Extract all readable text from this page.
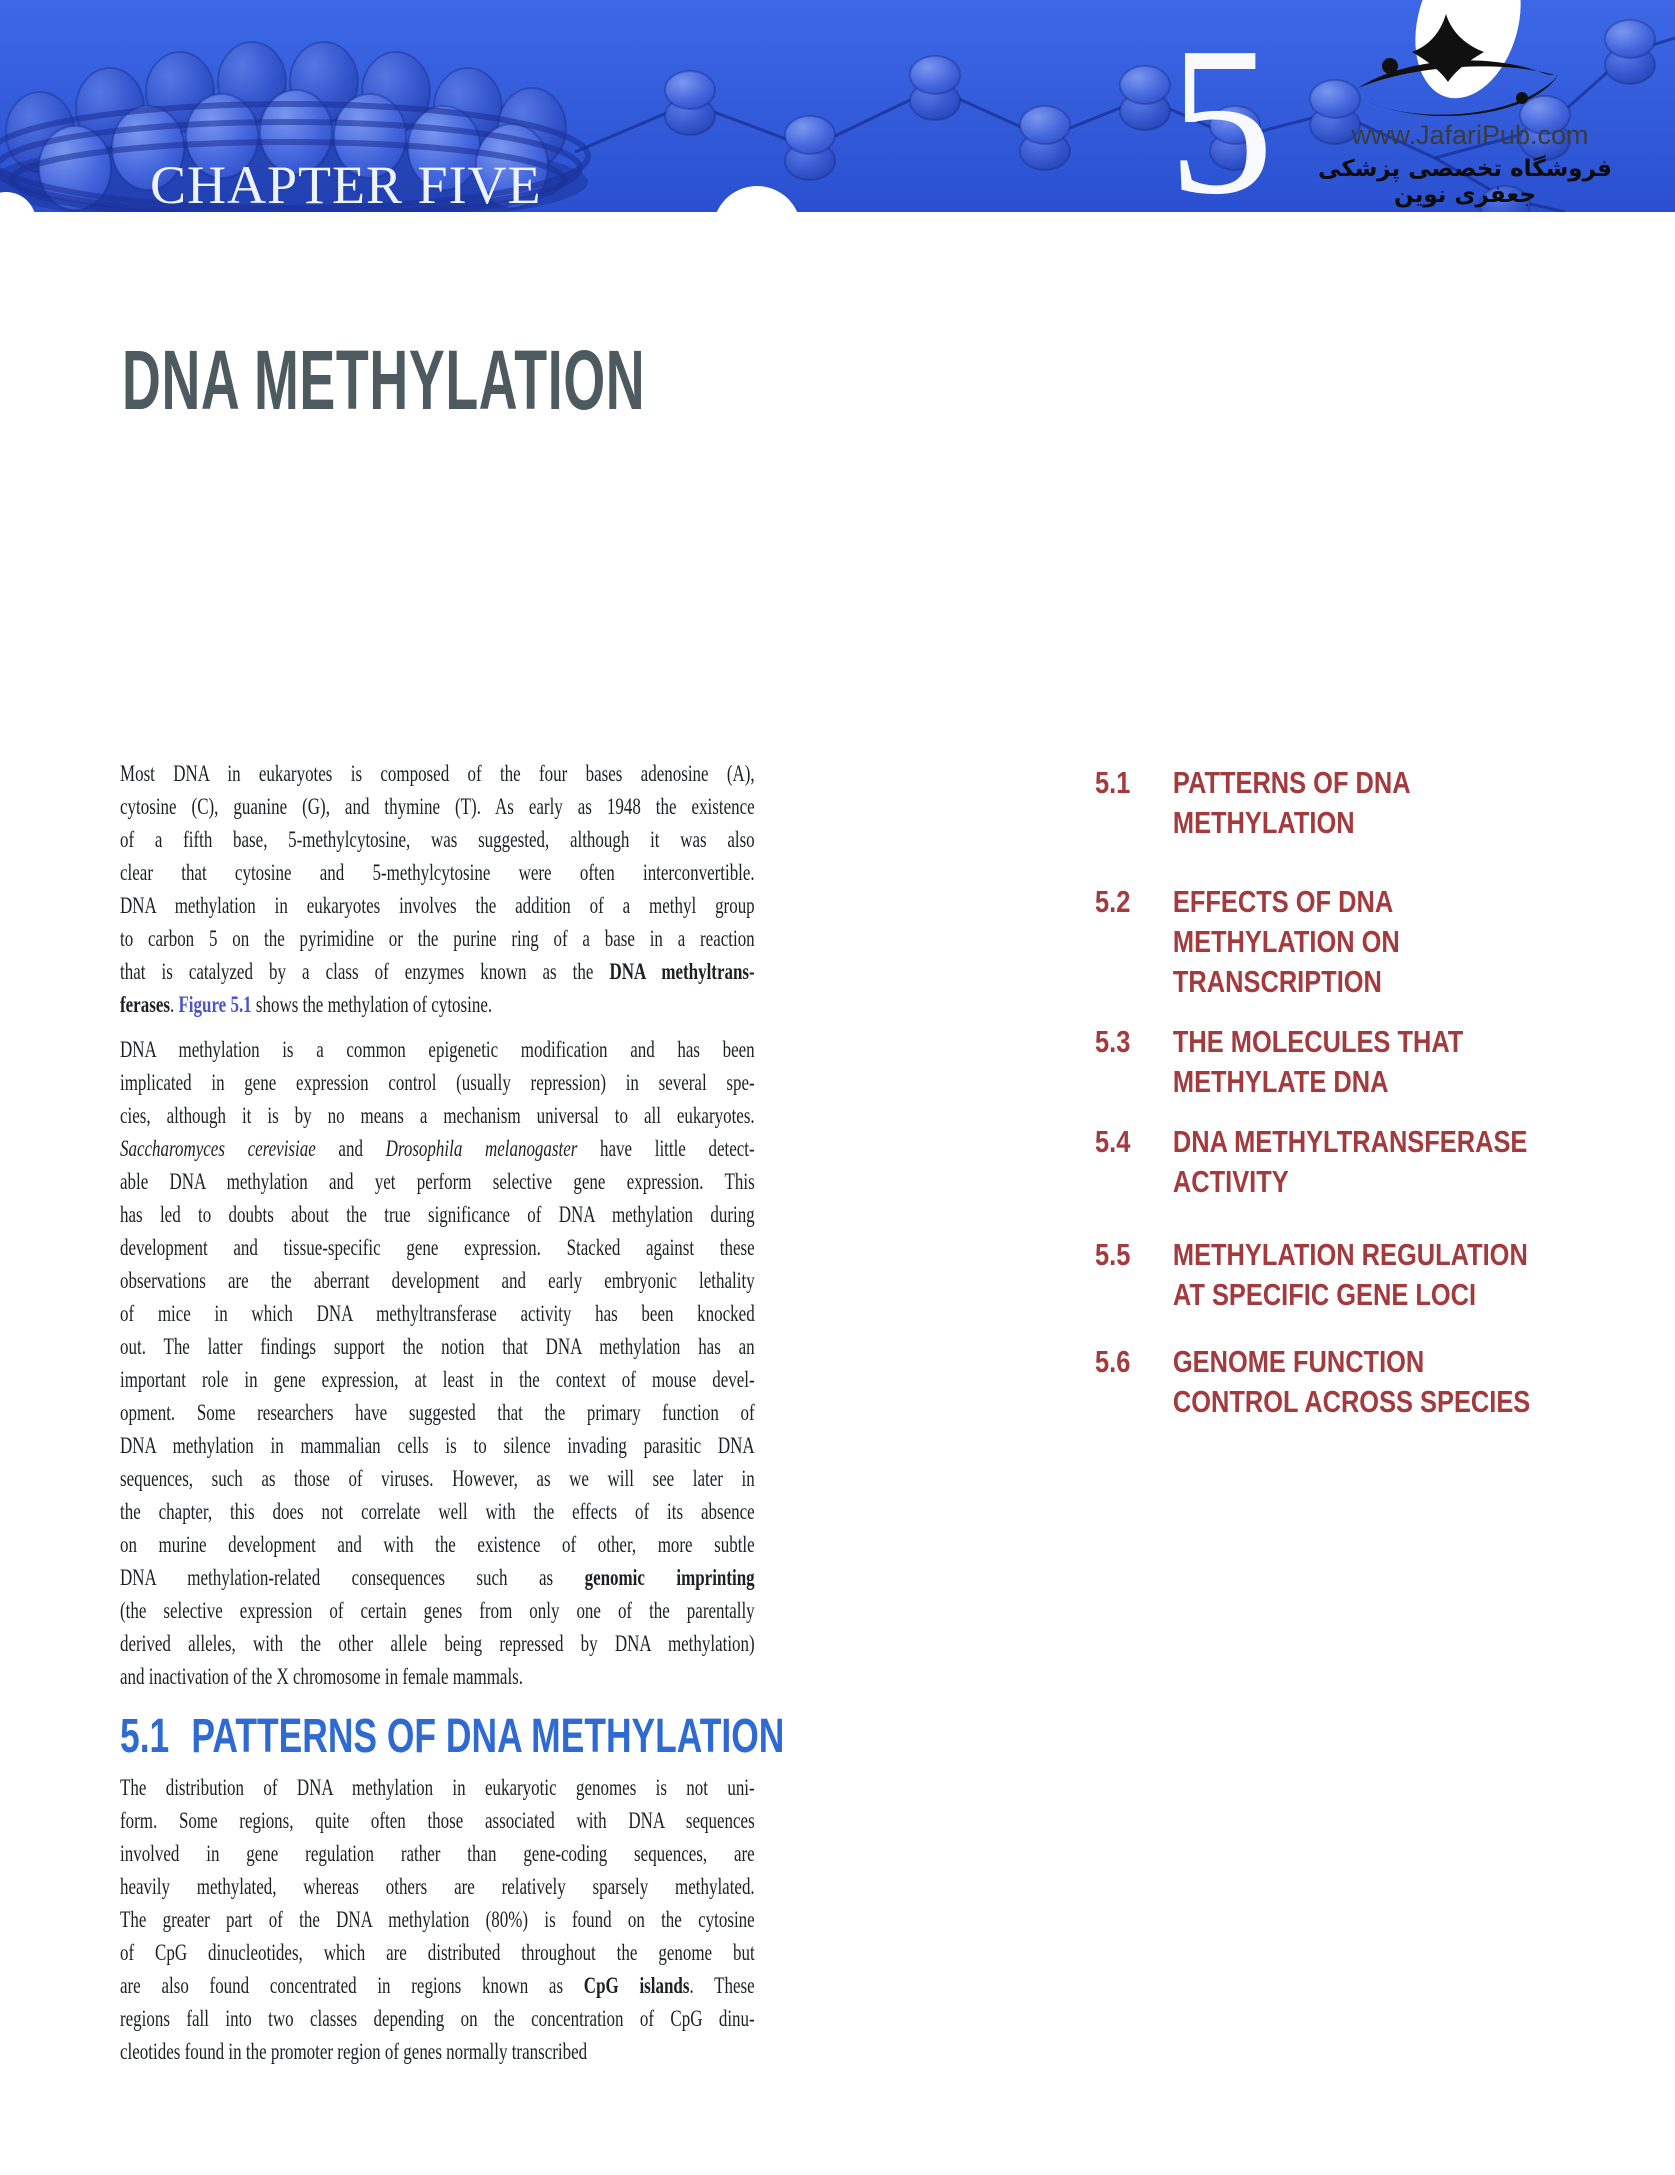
CHAPTER FIVE	5	www.JafariPub.com
فروشگاه تخصصی پزشکی جعفری نوین
DNA METHYLATION
Most DNA in eukaryotes is composed of the four bases adenosine (A),
cytosine (C), guanine (G), and thymine (T). As early as 1948 the existence
of a fifth base, 5-methylcytosine, was suggested, although it was also
clear that cytosine and 5-methylcytosine were often interconvertible.
DNA methylation in eukaryotes involves the addition of a methyl group
to carbon 5 on the pyrimidine or the purine ring of a base in a reaction
that is catalyzed by a class of enzymes known as the DNA methyltrans-
ferases. Figure 5.1 shows the methylation of cytosine.
DNA methylation is a common epigenetic modification and has been
implicated in gene expression control (usually repression) in several spe-
cies, although it is by no means a mechanism universal to all eukaryotes.
Saccharomyces cerevisiae and Drosophila melanogaster have little detect-
able DNA methylation and yet perform selective gene expression. This
has led to doubts about the true significance of DNA methylation during
development and tissue-specific gene expression. Stacked against these
observations are the aberrant development and early embryonic lethality
of mice in which DNA methyltransferase activity has been knocked
out. The latter findings support the notion that DNA methylation has an
important role in gene expression, at least in the context of mouse devel-
opment. Some researchers have suggested that the primary function of
DNA methylation in mammalian cells is to silence invading parasitic DNA
sequences, such as those of viruses. However, as we will see later in
the chapter, this does not correlate well with the effects of its absence
on murine development and with the existence of other, more subtle
DNA methylation-related consequences such as genomic imprinting
(the selective expression of certain genes from only one of the parentally
derived alleles, with the other allele being repressed by DNA methylation)
and inactivation of the X chromosome in female mammals.
5.1 PATTERNS OF DNA METHYLATION
The distribution of DNA methylation in eukaryotic genomes is not uni-
form. Some regions, quite often those associated with DNA sequences
involved in gene regulation rather than gene-coding sequences, are
heavily methylated, whereas others are relatively sparsely methylated.
The greater part of the DNA methylation (80%) is found on the cytosine
of CpG dinucleotides, which are distributed throughout the genome but
are also found concentrated in regions known as CpG islands. These
regions fall into two classes depending on the concentration of CpG dinu-
cleotides found in the promoter region of genes normally transcribed
5.1	PATTERNS OF DNA
METHYLATION
5.2	EFFECTS OF DNA
METHYLATION ON
TRANSCRIPTION
5.3	THE MOLECULES THAT
METHYLATE DNA
5.4	DNA METHYLTRANSFERASE
ACTIVITY
5.5	METHYLATION REGULATION
AT SPECIFIC GENE LOCI
5.6	GENOME FUNCTION
CONTROL ACROSS SPECIES
